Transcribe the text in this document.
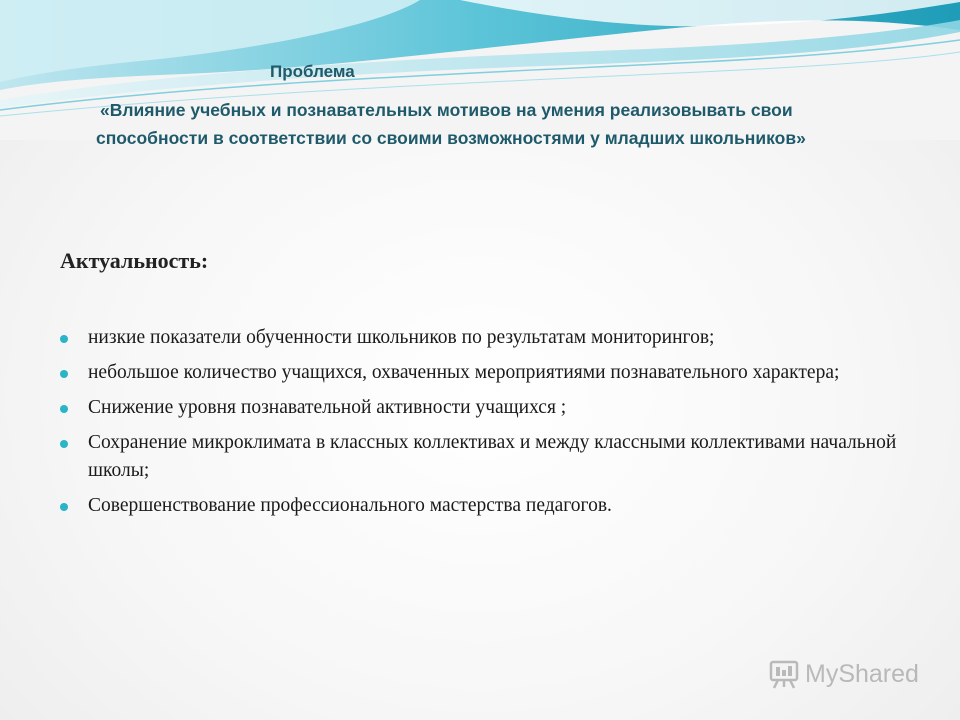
Проблема
«Влияние учебных и познавательных мотивов на умения реализовывать свои способности в соответствии со своими возможностями у младших школьников»
Актуальность:
низкие показатели обученности школьников по результатам мониторингов;
небольшое количество учащихся, охваченных мероприятиями познавательного характера;
Снижение уровня познавательной активности учащихся ;
Сохранение микроклимата в классных коллективах и между классными коллективами начальной школы;
Совершенствование профессионального мастерства педагогов.
MyShared
